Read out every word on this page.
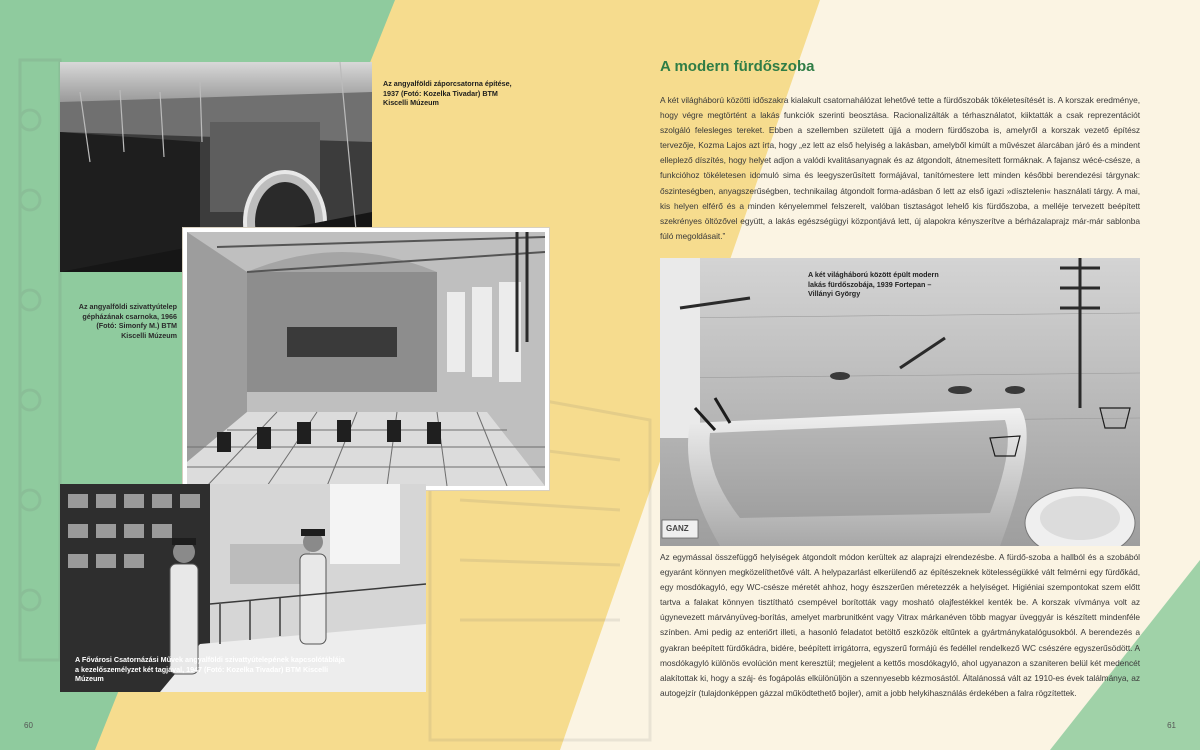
Az angyalföldi záporcsatorna építése, 1937 (Fotó: Kozelka Tivadar) BTM Kiscelli Múzeum
Az angyalföldi szivattyútelep gépházának csarnoka, 1966 (Fotó: Simonfy M.) BTM Kiscelli Múzeum
A Fővárosi Csatornázási Művek angyalföldi szivattyútelepének kapcsolótáblája a kezelőszemélyzet két tagjával, 1947 (Fotó: Kozelka Tivadar) BTM Kiscelli Múzeum
60
A modern fürdőszoba
A két világháború közötti időszakra kialakult csatornahálózat lehetővé tette a fürdőszobák tökéletesítését is. A korszak eredménye, hogy végre megtörtént a lakás funkciók szerinti beosztása. Racionalizálták a térhasználatot, kiiktatták a csak reprezentációt szolgáló felesleges tereket. Ebben a szellemben született újjá a modern fürdőszoba is, amelyről a korszak vezető építész tervezője, Kozma Lajos azt írta, hogy „ez lett az első helyiség a lakásban, amelyből kimúlt a művészet álarcában járó és a mindent elleplező díszítés, hogy helyet adjon a valódi kvalitásanyagnak és az átgondolt, átnemesített formáknak. A fajansz wécé-csésze, a funkcióhoz tökéletesen idomuló sima és leegyszerűsített formájával, tanítómestere lett minden későbbi berendezési tárgynak: őszinteségben, anyagszerűségben, technikailag átgondolt forma-adásban ő lett az első igazi »díszteleni« használati tárgy. A mai, kis helyen elférő és a minden kényelemmel felszerelt, valóban tisztaságot lehelő kis fürdőszoba, a melléje tervezett beépített szekrényes öltözővel együtt, a lakás egészségügyi központjává lett, új alapokra kényszerítve a bérházalaprajz már-már sablonba fúló megoldásait.”
GANZ
A két világháború között épült modern lakás fürdőszobája, 1939 Fortepan – Villányi György
Az egymással összefüggő helyiségek átgondolt módon kerültek az alaprajzi elrendezésbe. A fürdő-szoba a hallból és a szobából egyaránt könnyen megközelíthetővé vált. A helypazarlást elkerülendő az építészeknek kötelességükké vált felmérni egy fürdőkád, egy mosdókagyló, egy WC-csésze méretét ahhoz, hogy észszerűen méretezzék a helyiséget. Higiéniai szempontokat szem előtt tartva a falakat könnyen tisztítható csempével borították vagy mosható olajfestékkel kenték be. A korszak vívmánya volt az úgynevezett márványüveg-borítás, amelyet marbrunitként vagy Vitrax márkanéven több magyar üveggyár is készített mindenféle színben. Ami pedig az enteriőrt illeti, a hasonló feladatot betöltő eszközök eltűntek a gyártmánykatalógusokból. A berendezés a gyakran beépített fürdőkádra, bidére, beépített irrigátorra, egyszerű formájú és fedéllel rendelkező WC csészére egyszerűsödött. A mosdókagyló különös evolúción ment keresztül; megjelent a kettős mosdókagyló, ahol ugyanazon a szaniteren belül két medencét alakítottak ki, hogy a száj- és fogápolás elkülönüljön a szennyesebb kézmosástól. Általánossá vált az 1910-es évek találmánya, az autogejzír (tulajdonképpen gázzal működtethető bojler), amit a jobb helykihasználás érdekében a falra rögzítettek.
61
